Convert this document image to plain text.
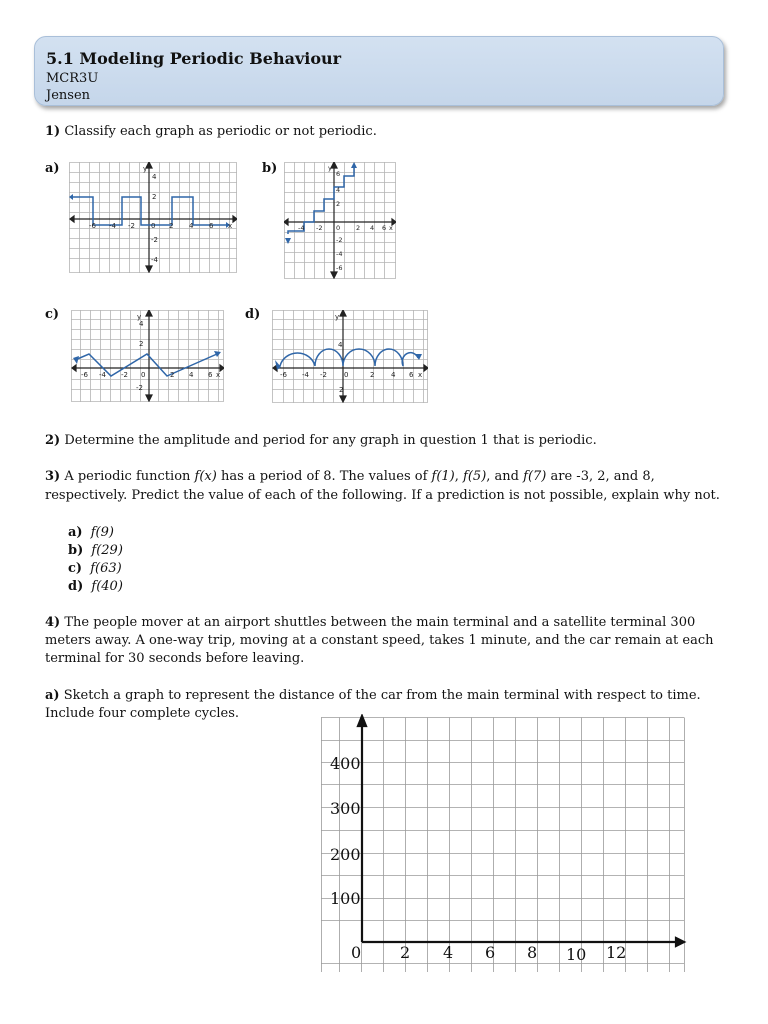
5.1 Modeling Periodic Behaviour
MCR3U
Jensen
1) Classify each graph as periodic or not periodic.
a)	b)
c)	d)
-6 -4 -2 0 2 4 6 x
y
4
2
-2
-4
-4 -2 0 2 4 6 x
y
6
4
2
-2
-4
-6
-6 -4 -2 0	2 4 6 x
y
4
2
-2
-6 -4 -2 0	2 4 6 x
y
4
2
2) Determine the amplitude and period for any graph in question 1 that is periodic.
3) A periodic function f(x) has a period of 8. The values of f(1), f(5), and f(7) are -3, 2, and 8,
respectively. Predict the value of each of the following. If a prediction is not possible, explain why not.
a) f(9)
b) f(29)
c) f(63)
d) f(40)
4) The people mover at an airport shuttles between the main terminal and a satellite terminal 300
meters away. A one-way trip, moving at a constant speed, takes 1 minute, and the car remain at each
terminal for 30 seconds before leaving.
a) Sketch a graph to represent the distance of the car from the main terminal with respect to time.
Include four complete cycles.
400
300
200
100
0 2 4 6 8 10 12
